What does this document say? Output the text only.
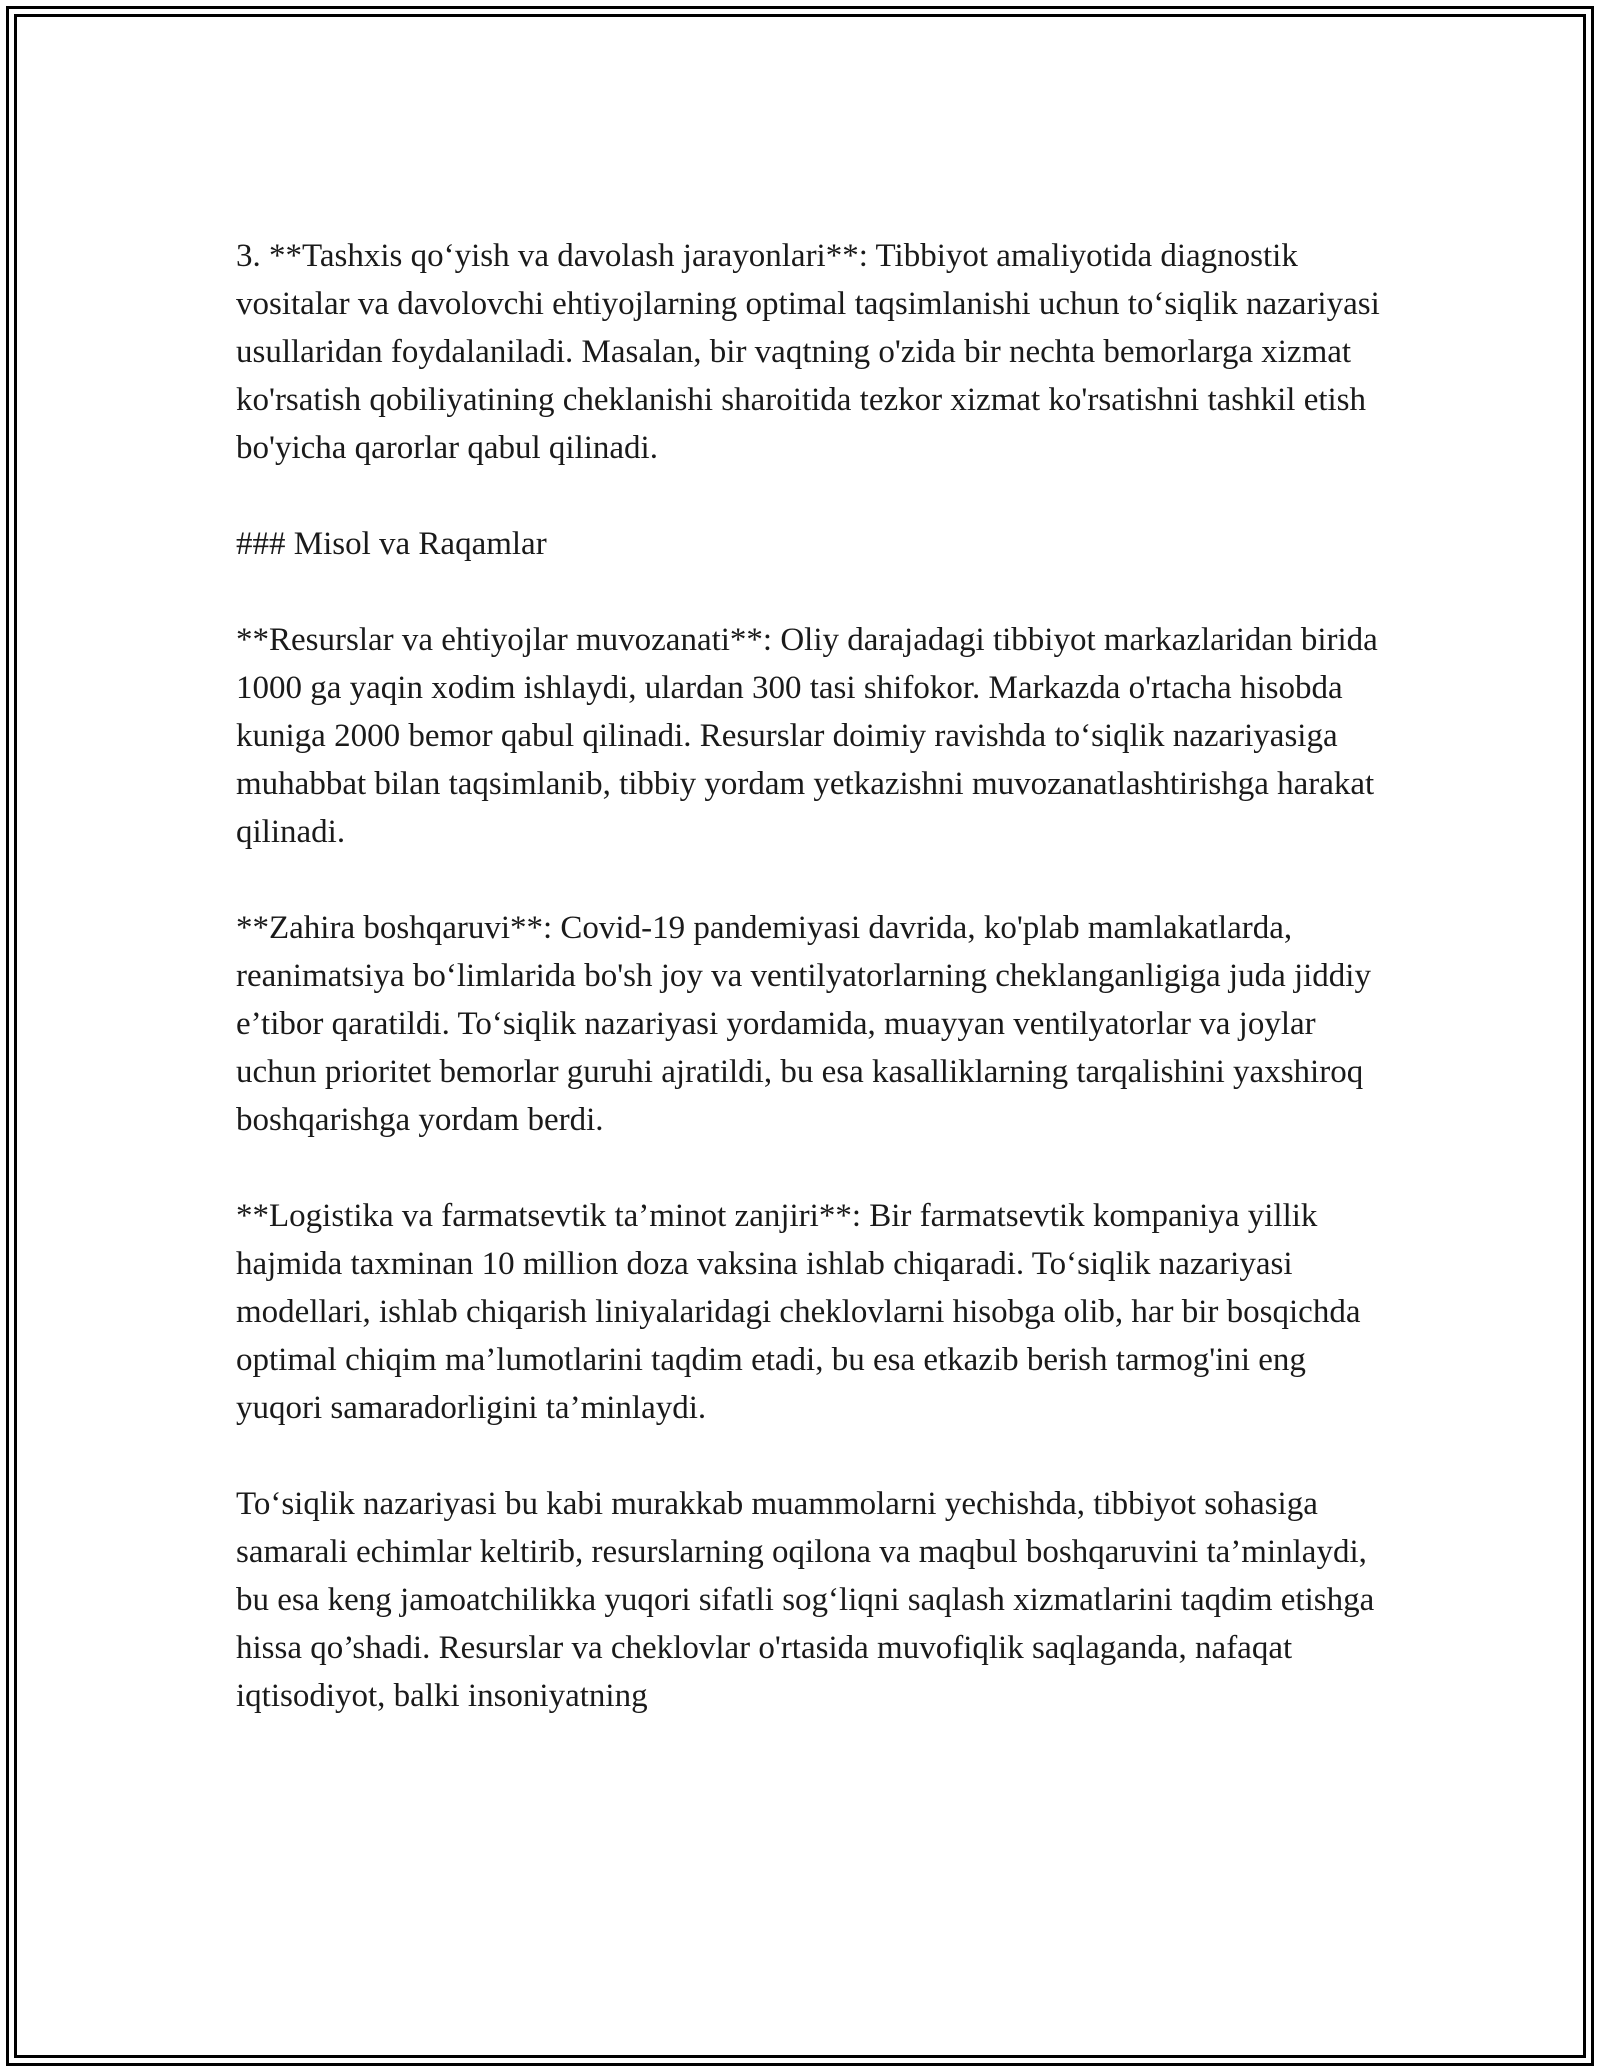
3. **Tashxis qo‘yish va davolash jarayonlari**: Tibbiyot amaliyotida diagnostik vositalar va davolovchi ehtiyojlarning optimal taqsimlanishi uchun to‘siqlik nazariyasi usullaridan foydalaniladi. Masalan, bir vaqtning o'zida bir nechta bemorlarga xizmat ko'rsatish qobiliyatining cheklanishi sharoitida tezkor xizmat ko'rsatishni tashkil etish bo'yicha qarorlar qabul qilinadi.

### Misol va Raqamlar

**Resurslar va ehtiyojlar muvozanati**: Oliy darajadagi tibbiyot markazlaridan birida 1000 ga yaqin xodim ishlaydi, ulardan 300 tasi shifokor. Markazda o'rtacha hisobda kuniga 2000 bemor qabul qilinadi. Resurslar doimiy ravishda to‘siqlik nazariyasiga muhabbat bilan taqsimlanib, tibbiy yordam yetkazishni muvozanatlashtirishga harakat qilinadi.

**Zahira boshqaruvi**: Covid-19 pandemiyasi davrida, ko'plab mamlakatlarda, reanimatsiya bo‘limlarida bo'sh joy va ventilyatorlarning cheklanganligiga juda jiddiy e’tibor qaratildi. To‘siqlik nazariyasi yordamida, muayyan ventilyatorlar va joylar uchun prioritet bemorlar guruhi ajratildi, bu esa kasalliklarning tarqalishini yaxshiroq boshqarishga yordam berdi.

**Logistika va farmatsevtik ta’minot zanjiri**: Bir farmatsevtik kompaniya yillik hajmida taxminan 10 million doza vaksina ishlab chiqaradi. To‘siqlik nazariyasi modellari, ishlab chiqarish liniyalaridagi cheklovlarni hisobga olib, har bir bosqichda optimal chiqim ma’lumotlarini taqdim etadi, bu esa etkazib berish tarmog'ini eng yuqori samaradorligini ta’minlaydi.

To‘siqlik nazariyasi bu kabi murakkab muammolarni yechishda, tibbiyot sohasiga samarali echimlar keltirib, resurslarning oqilona va maqbul boshqaruvini ta’minlaydi, bu esa keng jamoatchilikka yuqori sifatli sog‘liqni saqlash xizmatlarini taqdim etishga hissa qo’shadi. Resurslar va cheklovlar o'rtasida muvofiqlik saqlaganda, nafaqat iqtisodiyot, balki insoniyatning
